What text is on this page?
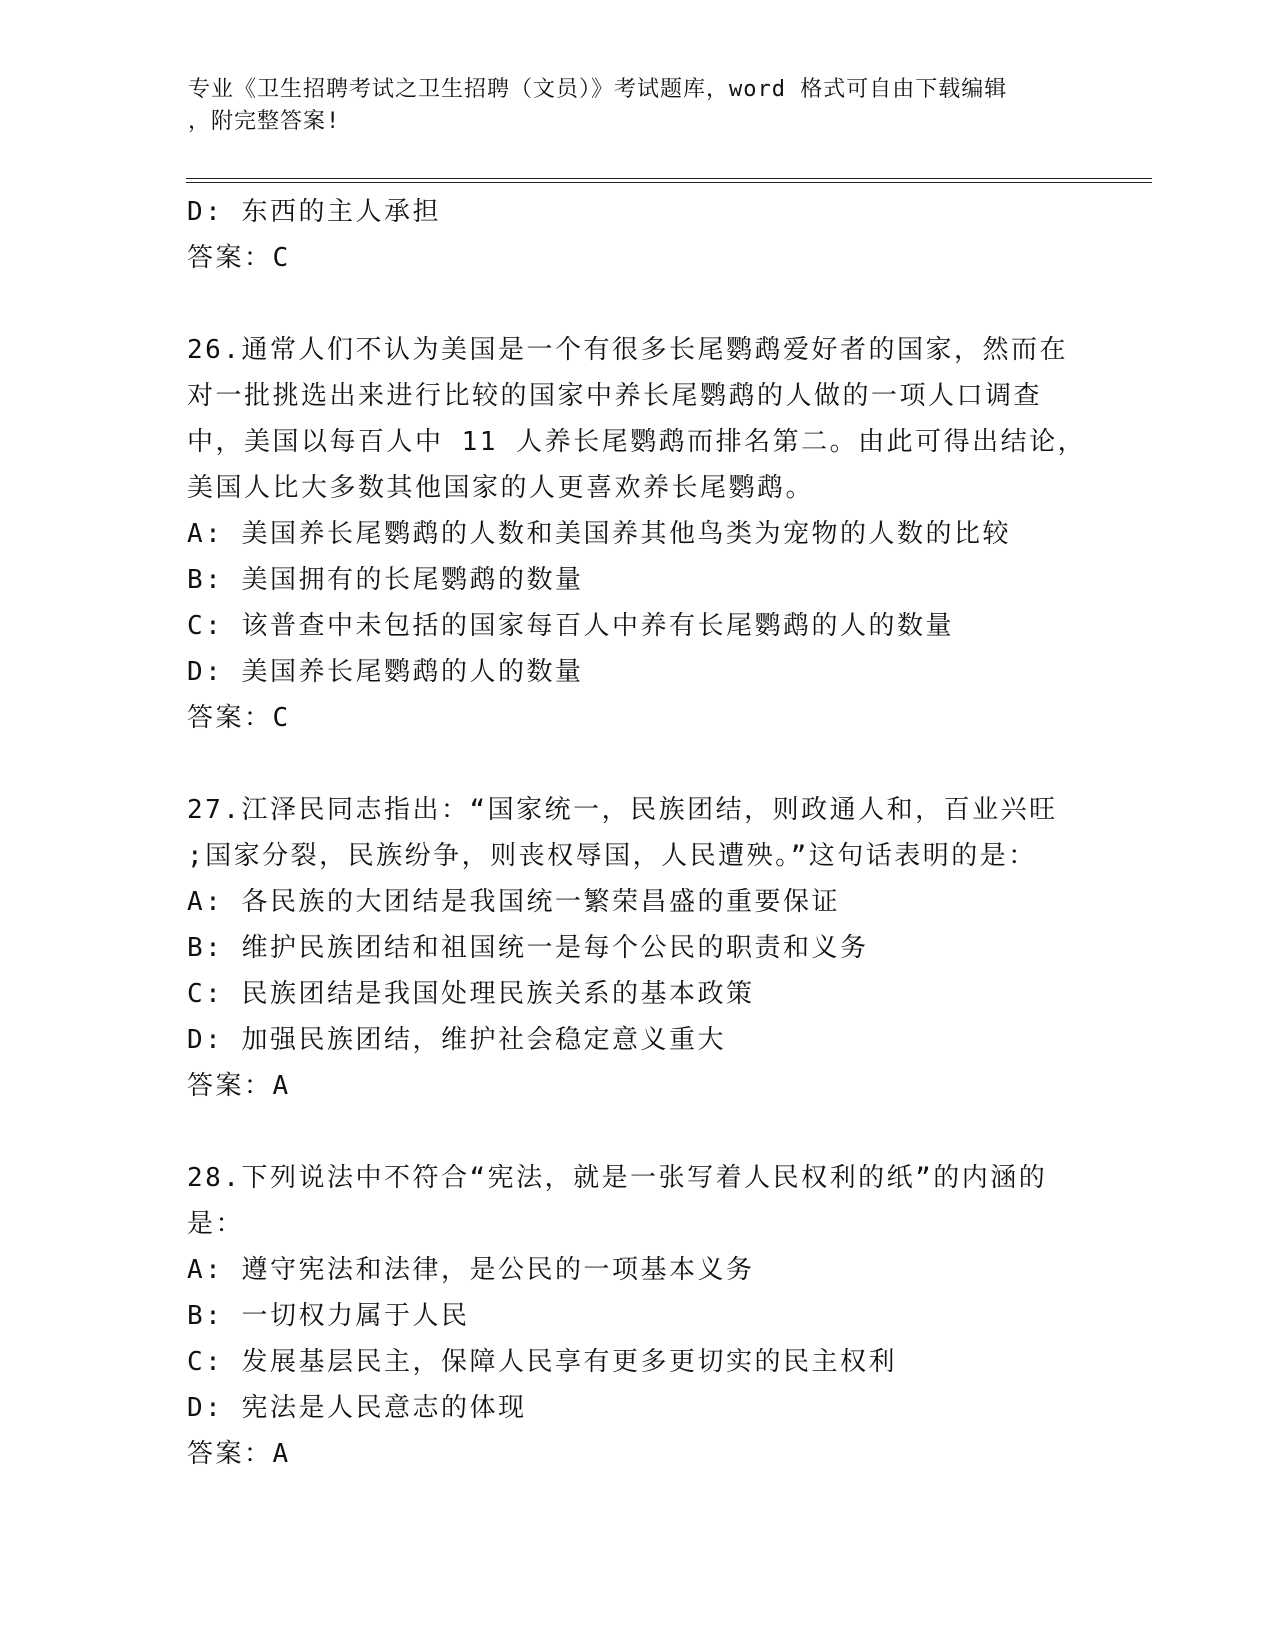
专业《卫生招聘考试之卫生招聘（文员）》考试题库，word 格式可自由下载编辑
，附完整答案!
D: 东西的主人承担
答案：C
26.通常人们不认为美国是一个有很多长尾鹦鹉爱好者的国家，然而在
对一批挑选出来进行比较的国家中养长尾鹦鹉的人做的一项人口调查
中，美国以每百人中 11 人养长尾鹦鹉而排名第二。由此可得出结论，
美国人比大多数其他国家的人更喜欢养长尾鹦鹉。
A: 美国养长尾鹦鹉的人数和美国养其他鸟类为宠物的人数的比较
B: 美国拥有的长尾鹦鹉的数量
C: 该普查中未包括的国家每百人中养有长尾鹦鹉的人的数量
D: 美国养长尾鹦鹉的人的数量
答案：C
27.江泽民同志指出：“国家统一，民族团结，则政通人和，百业兴旺
;国家分裂，民族纷争，则丧权辱国，人民遭殃。”这句话表明的是：
A: 各民族的大团结是我国统一繁荣昌盛的重要保证
B: 维护民族团结和祖国统一是每个公民的职责和义务
C: 民族团结是我国处理民族关系的基本政策
D: 加强民族团结，维护社会稳定意义重大
答案：A
28.下列说法中不符合“宪法，就是一张写着人民权利的纸”的内涵的
是：
A: 遵守宪法和法律，是公民的一项基本义务
B: 一切权力属于人民
C: 发展基层民主，保障人民享有更多更切实的民主权利
D: 宪法是人民意志的体现
答案：A
